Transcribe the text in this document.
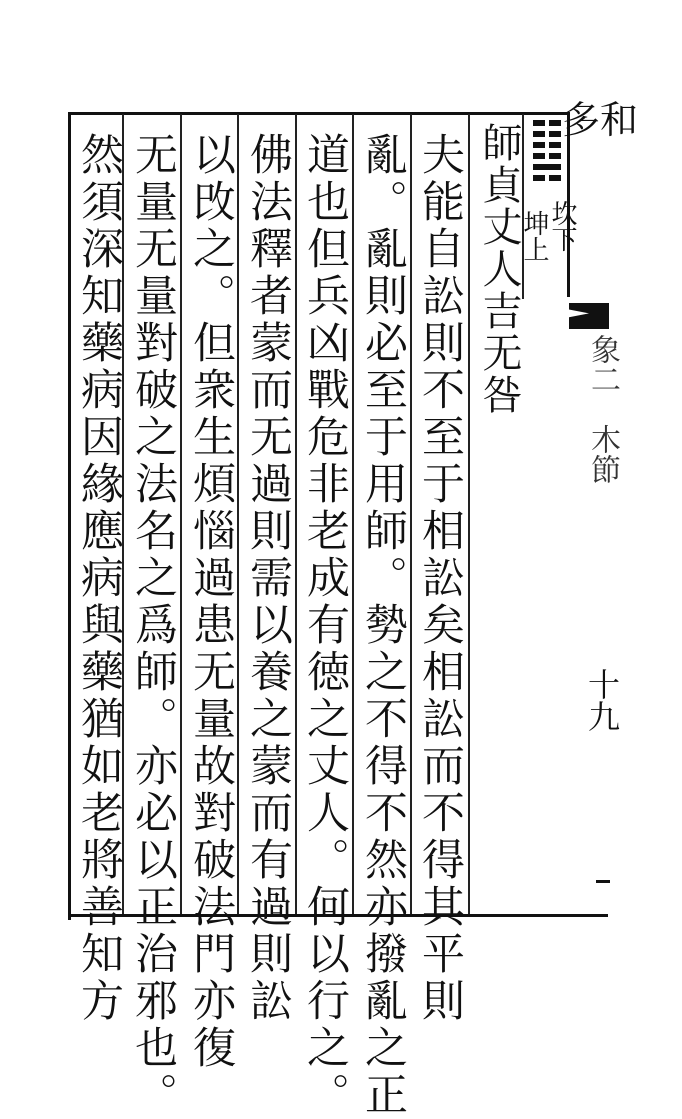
多和
坎下
坤上
師貞丈人吉无咎
夫能自訟則不至于相訟矣相訟而不得其平則
亂。亂則必至于用師。勢之不得不然亦撥亂之正
道也但兵凶戰危非老成有徳之丈人。何以行之。
佛法釋者蒙而无過則需以養之蒙而有過則訟
以攺之。但衆生煩惱過患无量故對破法門亦復
无量无量對破之法名之爲師。亦必以正治邪也。
然須深知藥病因緣應病與藥猶如老將善知方	象二　木節
十九
